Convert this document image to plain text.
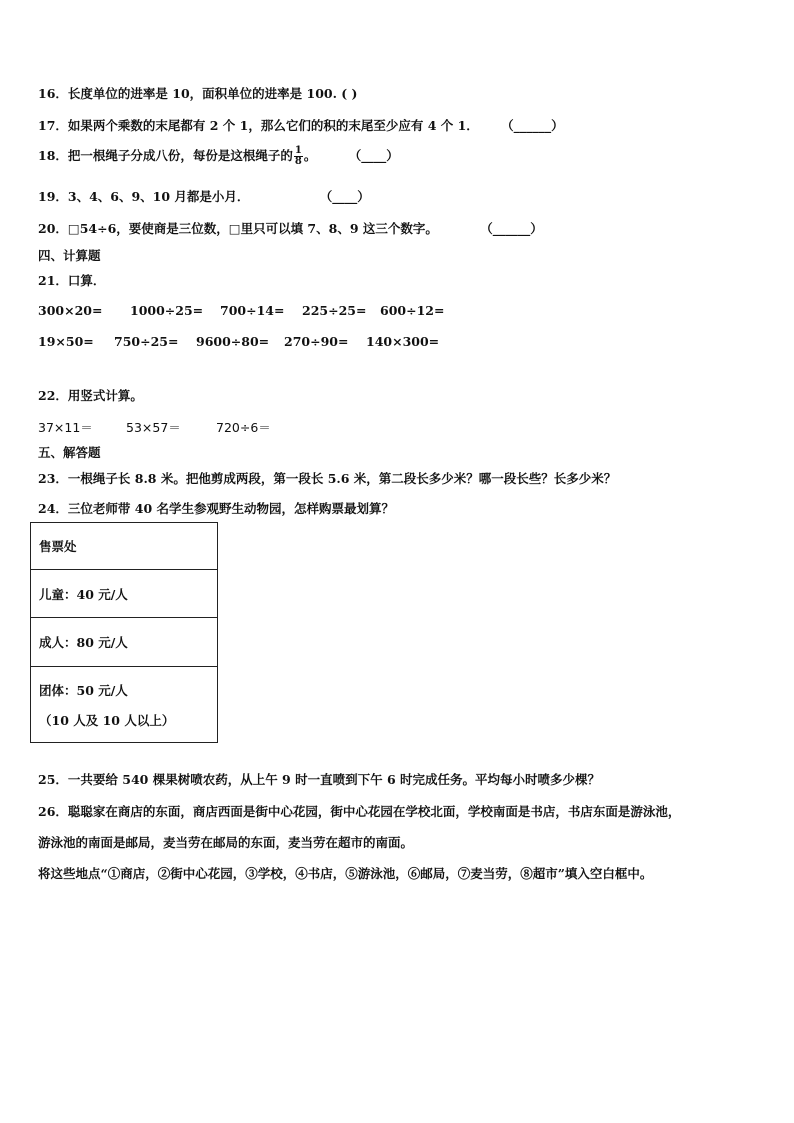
16．长度单位的进率是 10，面积单位的进率是 100. ( )
17．如果两个乘数的末尾都有 2 个 1，那么它们的积的末尾至少应有 4 个 1． （______）
18．把一根绳子分成八份，每份是这根绳子的 $\frac{1}{8}$ 。	（____）
19．3、4、6、9、10 月都是小月．	（____）
20．□54÷6，要使商是三位数，□里只可以填 7、8、9 这三个数字。	（______）
四、计算题
21．口算．
300×20= 1000÷25= 700÷14= 225÷25= 600÷12=
19×50= 750÷25= 9600÷80= 270÷90= 140×300=
22．用竖式计算。
37×11＝	53×57＝	720÷6＝
五、解答题
23．一根绳子长 8.8 米。把他剪成两段，第一段长 5.6 米，第二段长多少米？哪一段长些？长多少米？
24．三位老师带 40 名学生参观野生动物园，怎样购票最划算？
售票处
儿童：40 元/人
成人：80 元/人

团体：50 元/人
（10 人及 10 人以上）
25．一共要给 540 棵果树喷农药，从上午 9 时一直喷到下午 6 时完成任务。平均每小时喷多少棵？
26．聪聪家在商店的东面，商店西面是街中心花园，街中心花园在学校北面，学校南面是书店，书店东面是游泳池，
游泳池的南面是邮局，麦当劳在邮局的东面，麦当劳在超市的南面。
将这些地点“①商店，②街中心花园，③学校，④书店，⑤游泳池，⑥邮局，⑦麦当劳，⑧超市”填入空白框中。
